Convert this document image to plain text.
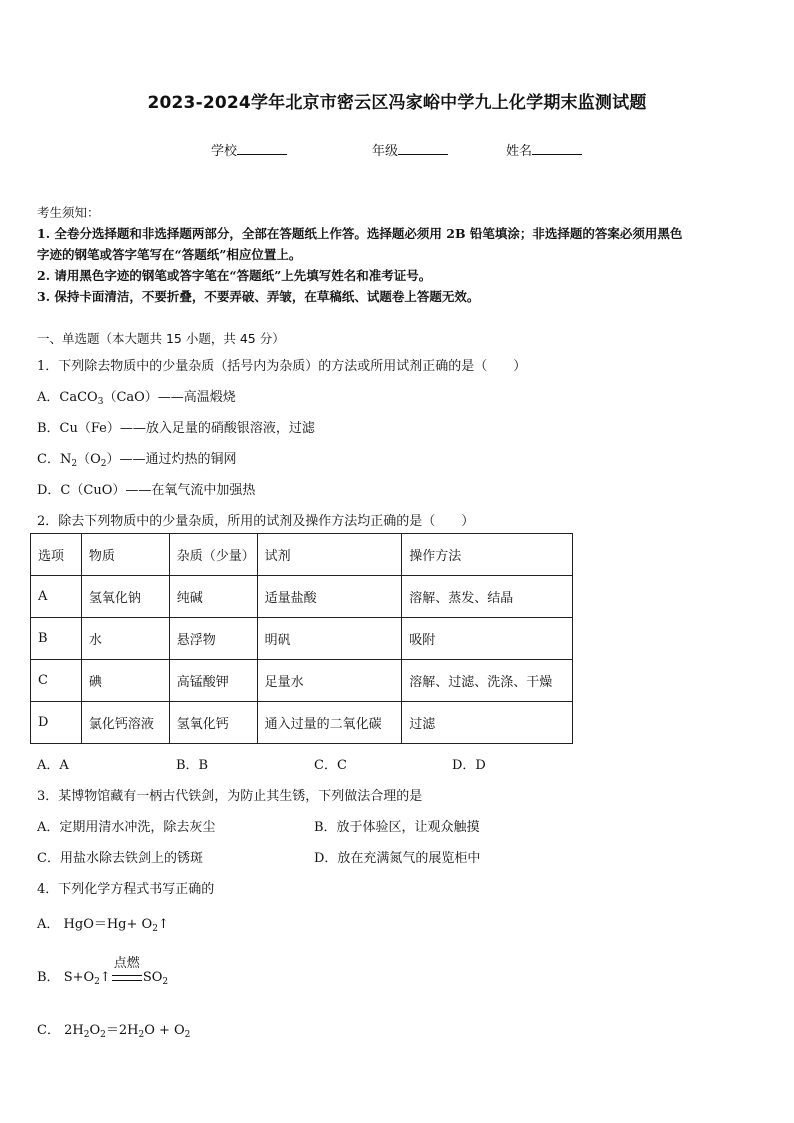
2023-2024学年北京市密云区冯家峪中学九上化学期末监测试题
学校	年级	姓名
考生须知：
1. 全卷分选择题和非选择题两部分，全部在答题纸上作答。选择题必须用 2B 铅笔填涂；非选择题的答案必须用黑色
字迹的钢笔或答字笔写在“答题纸”相应位置上。
2. 请用黑色字迹的钢笔或答字笔在“答题纸”上先填写姓名和准考证号。
3. 保持卡面清洁，不要折叠，不要弄破、弄皱，在草稿纸、试题卷上答题无效。
一、单选题（本大题共 15 小题，共 45 分）
1．下列除去物质中的少量杂质（括号内为杂质）的方法或所用试剂正确的是（　　）
A．CaCO$_3$（CaO）——高温煅烧
B．Cu（Fe）——放入足量的硝酸银溶液，过滤
C．$N_2(O_2)——$通过灼热的铜网
D．C（CuO）——在氧气流中加强热
2．除去下列物质中的少量杂质，所用的试剂及操作方法均正确的是（　　）
选项	物质	杂质（少量）	试剂	操作方法
A	氢氧化钠	纯碱	适量盐酸	溶解、蒸发、结晶
B	水	悬浮物	明矾	吸附
C	碘	高锰酸钾	足量水	溶解、过滤、洗涤、干燥
D	氯化钙溶液	氢氧化钙	通入过量的二氧化碳	过滤
A．A	B．B	C．C	D．D
3．某博物馆藏有一柄古代铁剑，为防止其生锈，下列做法合理的是
A．定期用清水冲洗，除去灰尘	B．放于体验区，让观众触摸
C．用盐水除去铁剑上的锈斑	D．放在充满氮气的展览柜中
4．下列化学方程式书写正确的
A． $HgO=Hg+ O_2↑$
B． $S+O_2↑$
点燃
$SO_2$
C． $2H_2O_2=2H_2O + O_2$
